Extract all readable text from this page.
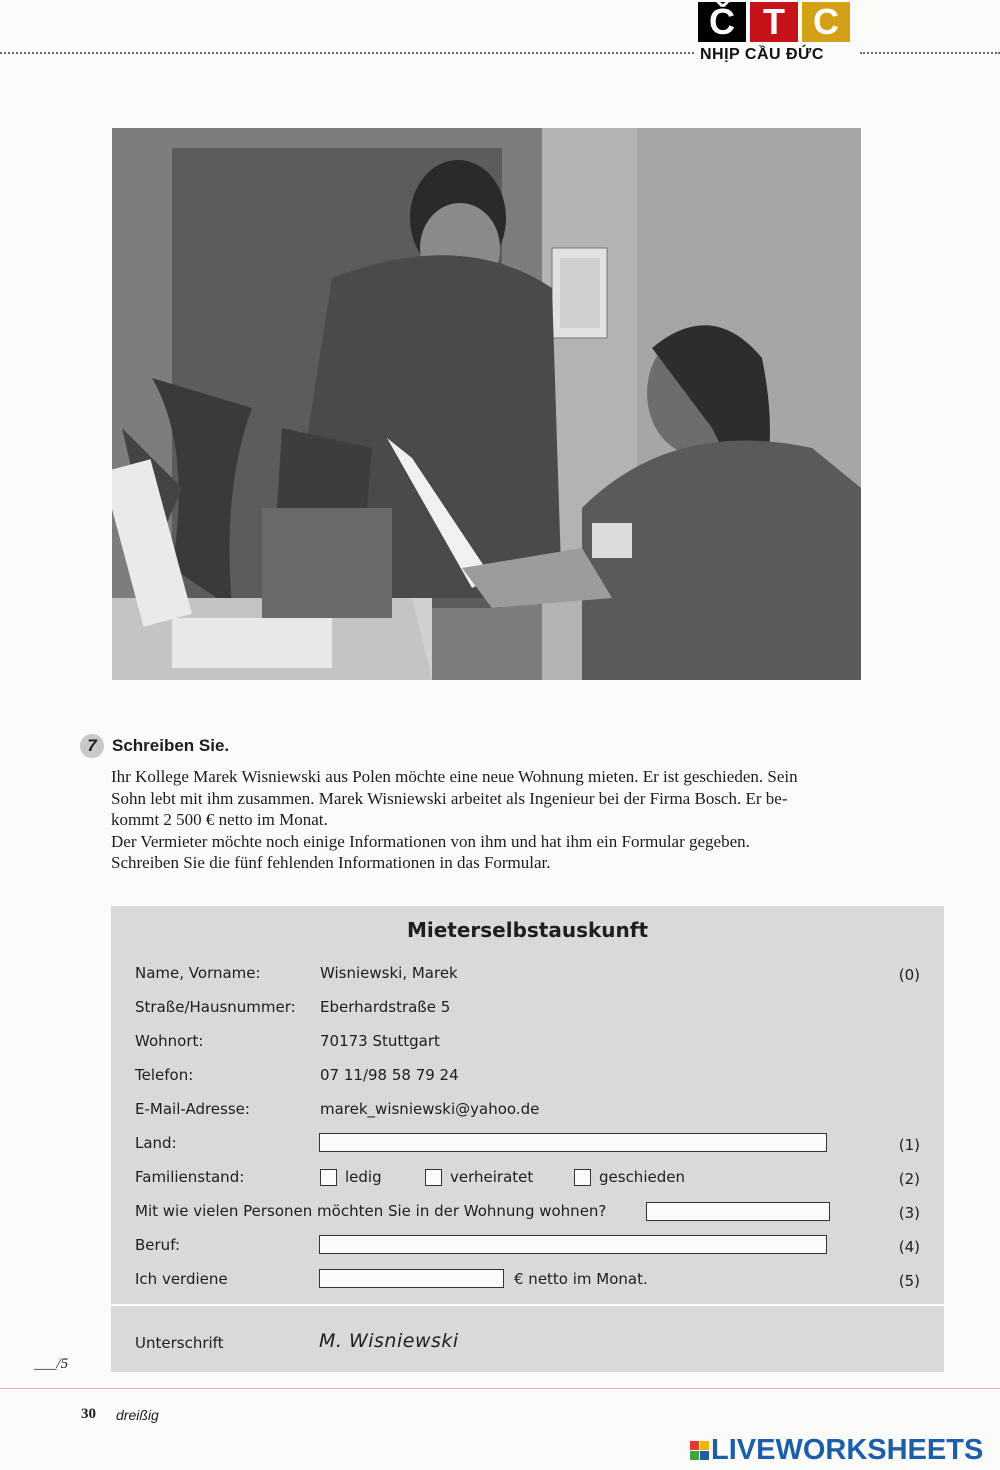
Č T C
NHỊP CẦU ĐỨC
7 Schreiben Sie.

Ihr Kollege Marek Wisniewski aus Polen möchte eine neue Wohnung mieten. Er ist geschieden. Sein

Sohn lebt mit ihm zusammen. Marek Wisniewski arbeitet als Ingenieur bei der Firma Bosch. Er be-

kommt 2 500 € netto im Monat.

Der Vermieter möchte noch einige Informationen von ihm und hat ihm ein Formular gegeben.

Schreiben Sie die fünf fehlenden Informationen in das Formular.

Mieterselbstauskunft
Name, Vorname:	Wisniewski, Marek	(0)
Straße/Hausnummer: Eberhardstraße 5
Wohnort:	70173 Stuttgart
Telefon:	07 11/98 58 79 24
E-Mail-Adresse:	marek_wisniewski@yahoo.de
Land:	(1)
Familienstand:	ledig	verheiratet	geschieden	(2)
Mit wie vielen Personen möchten Sie in der Wohnung wohnen?	(3)
Beruf:	(4)
Ich verdiene	€ netto im Monat.	(5)
Unterschrift	M. Wisniewski
___/5
30 dreißig
LIVEWORKSHEETS
